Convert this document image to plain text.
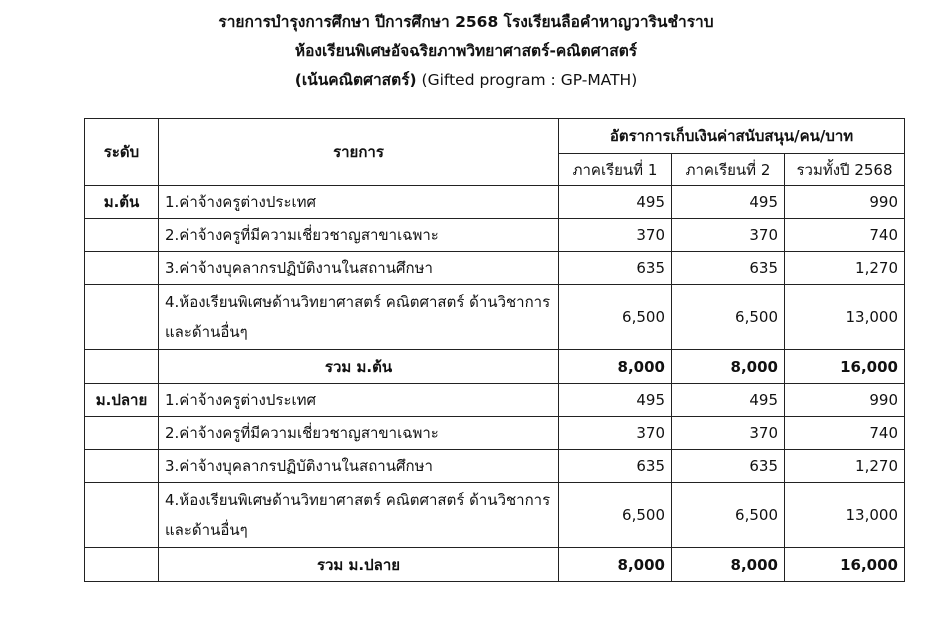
รายการบำรุงการศึกษา ปีการศึกษา 2568 โรงเรียนลือคำหาญวารินชำราบ
ห้องเรียนพิเศษอัจฉริยภาพวิทยาศาสตร์-คณิตศาสตร์
(เน้นคณิตศาสตร์) (Gifted program : GP-MATH)
ระดับ	รายการ	อัตราการเก็บเงินค่าสนับสนุน/คน/บาท		
		ภาคเรียนที่ 1	ภาคเรียนที่ 2	รวมทั้งปี 2568
ม.ต้น	1.ค่าจ้างครูต่างประเทศ	495	495	990

	2.ค่าจ้างครูที่มีความเชี่ยวชาญสาขาเฉพาะ	370	370	740

	3.ค่าจ้างบุคลากรปฏิบัติงานในสถานศึกษา	635	635	1,270

	4.ห้องเรียนพิเศษด้านวิทยาศาสตร์ คณิตศาสตร์ ด้านวิชาการและด้านอื่นๆ	6,500	6,500	13,000
	รวม ม.ต้น	8,000	8,000	16,000
ม.ปลาย	1.ค่าจ้างครูต่างประเทศ	495	495	990

	2.ค่าจ้างครูที่มีความเชี่ยวชาญสาขาเฉพาะ	370	370	740

	3.ค่าจ้างบุคลากรปฏิบัติงานในสถานศึกษา	635	635	1,270

	4.ห้องเรียนพิเศษด้านวิทยาศาสตร์ คณิตศาสตร์ ด้านวิชาการและด้านอื่นๆ	6,500	6,500	13,000
	รวม ม.ปลาย	8,000	8,000	16,000
